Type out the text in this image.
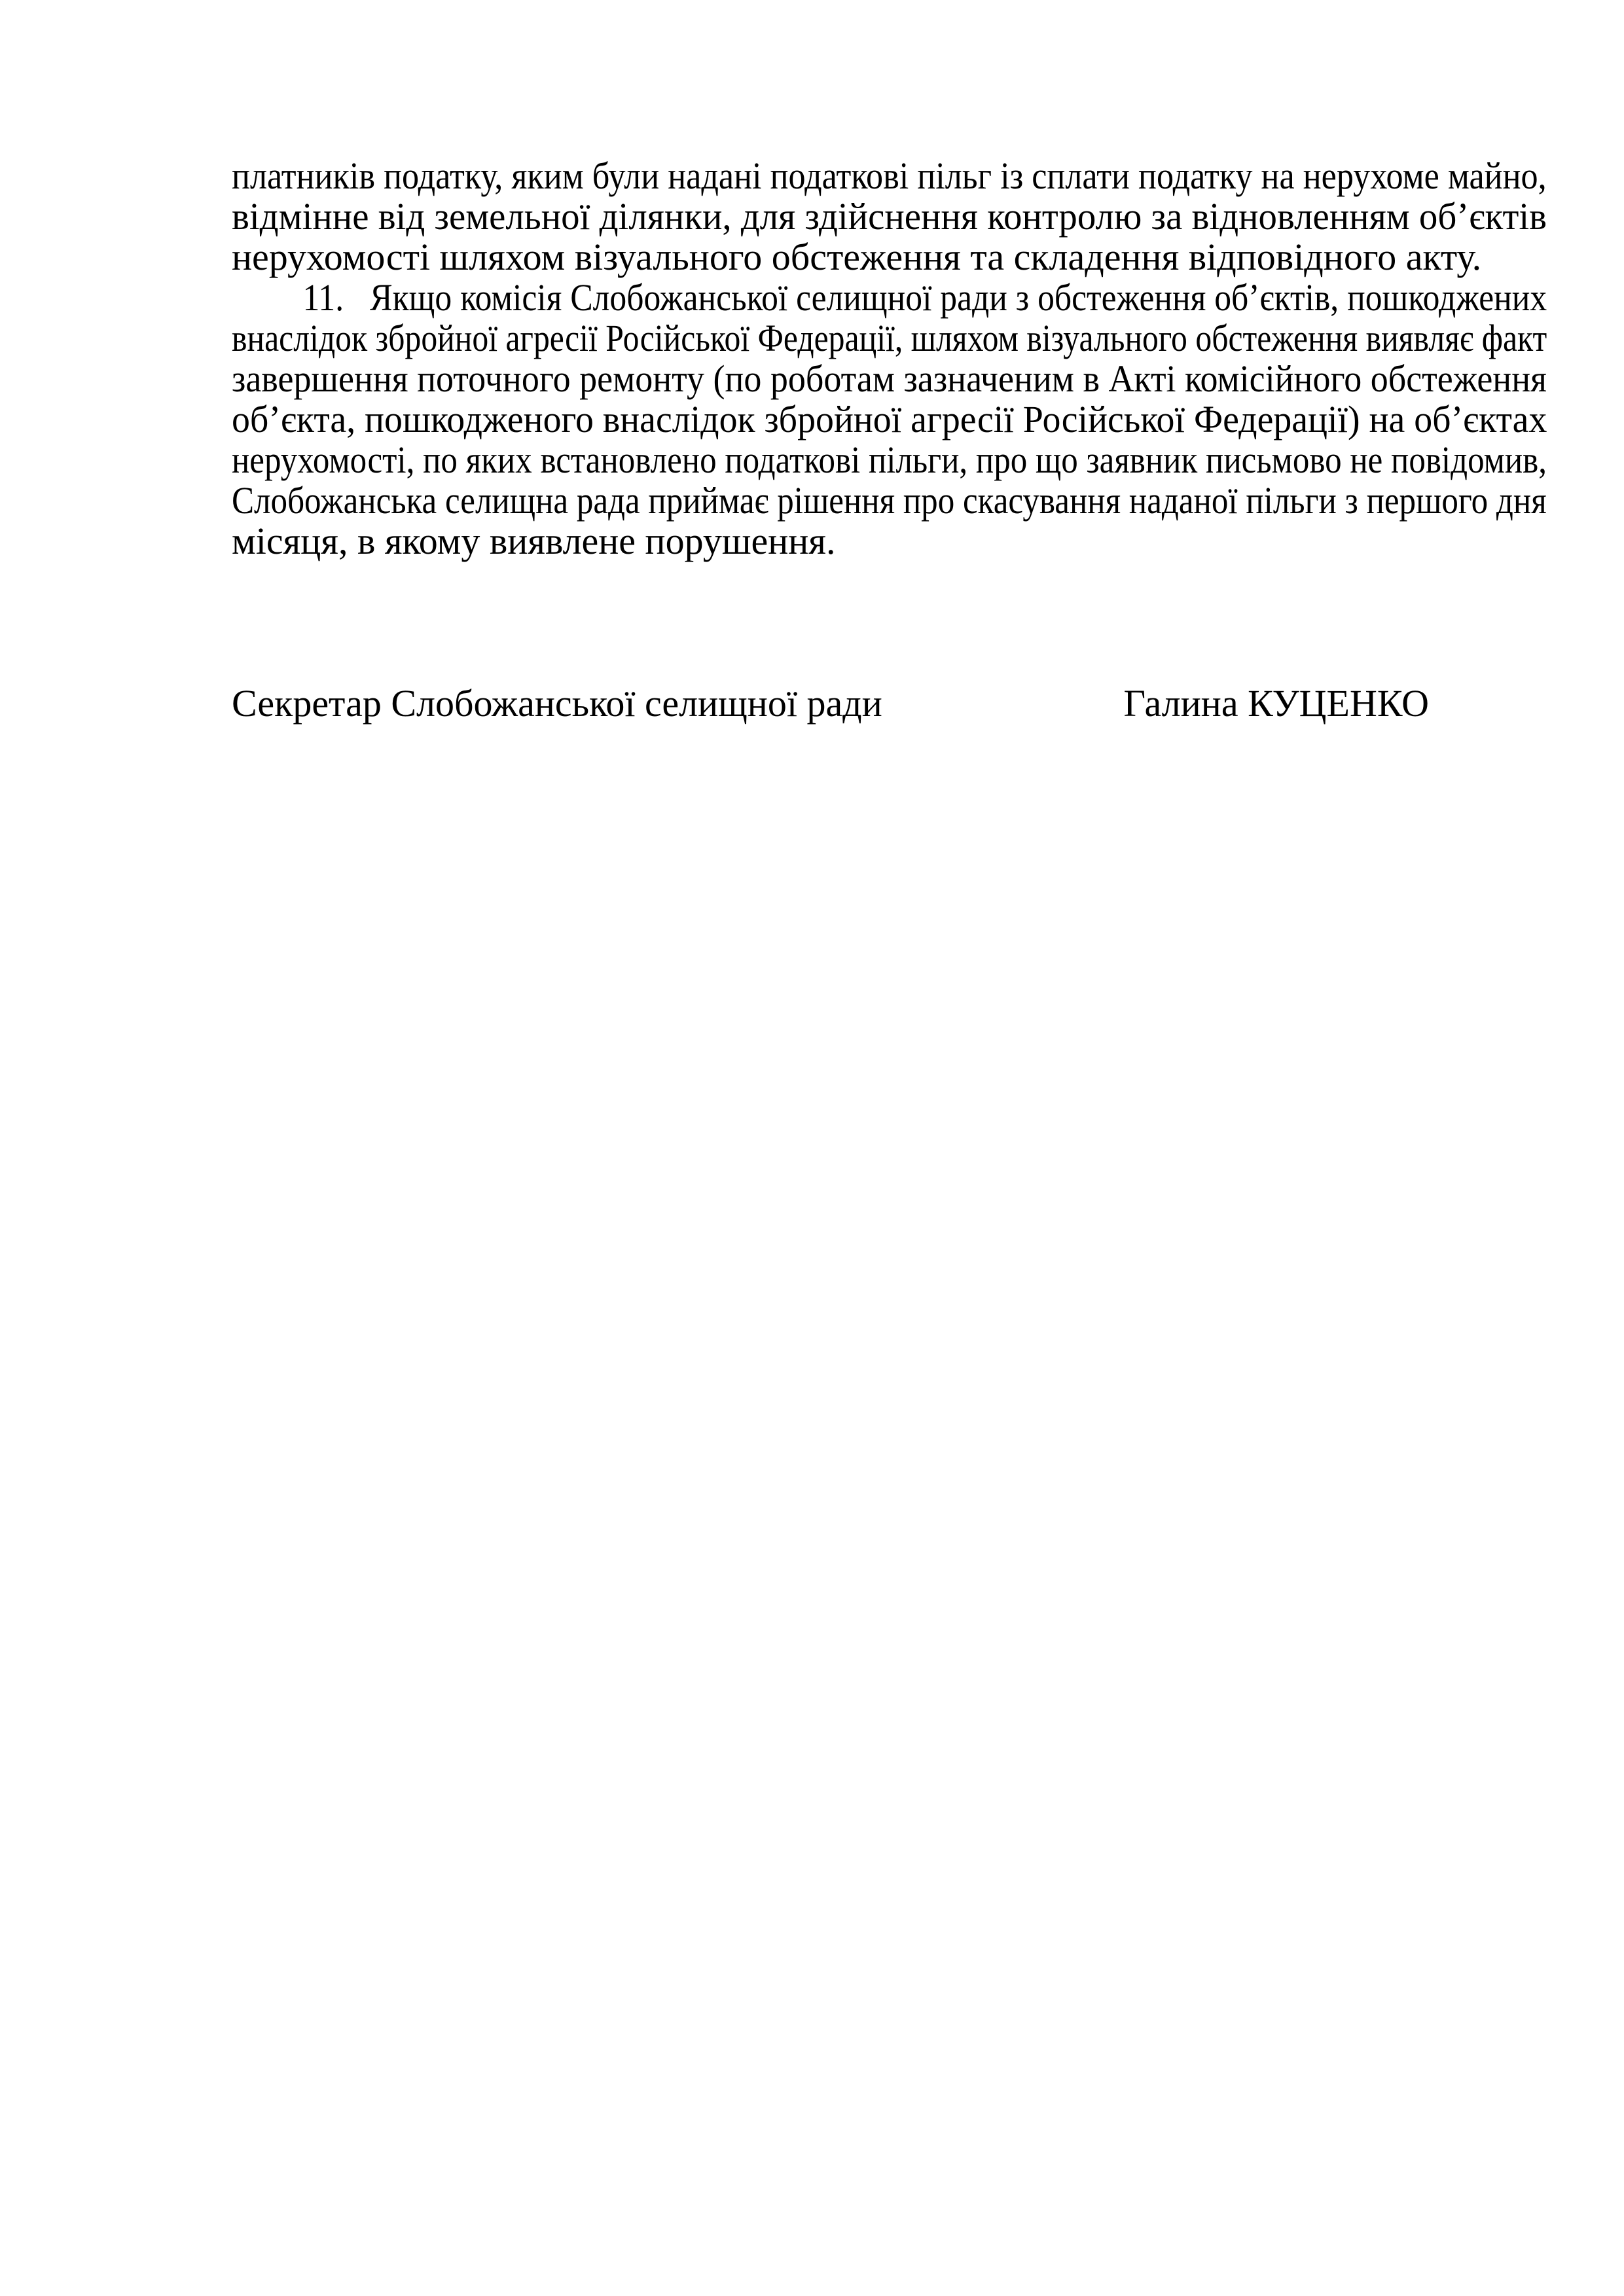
платників податку, яким були надані податкові пільг із сплати податку на нерухоме майно,
відмінне від земельної ділянки, для здійснення контролю за відновленням об’єктів
нерухомості шляхом візуального обстеження та складення відповідного акту.
11. Якщо комісія Слобожанської селищної ради з обстеження об’єктів, пошкоджених
внаслідок збройної агресії Російської Федерації, шляхом візуального обстеження виявляє факт
завершення поточного ремонту (по роботам зазначеним в Акті комісійного обстеження
об’єкта, пошкодженого внаслідок збройної агресії Російської Федерації) на об’єктах
нерухомості, по яких встановлено податкові пільги, про що заявник письмово не повідомив,
Слобожанська селищна рада приймає рішення про скасування наданої пільги з першого дня
місяця, в якому виявлене порушення.
Секретар Слобожанської селищної ради	Галина КУЦЕНКО
